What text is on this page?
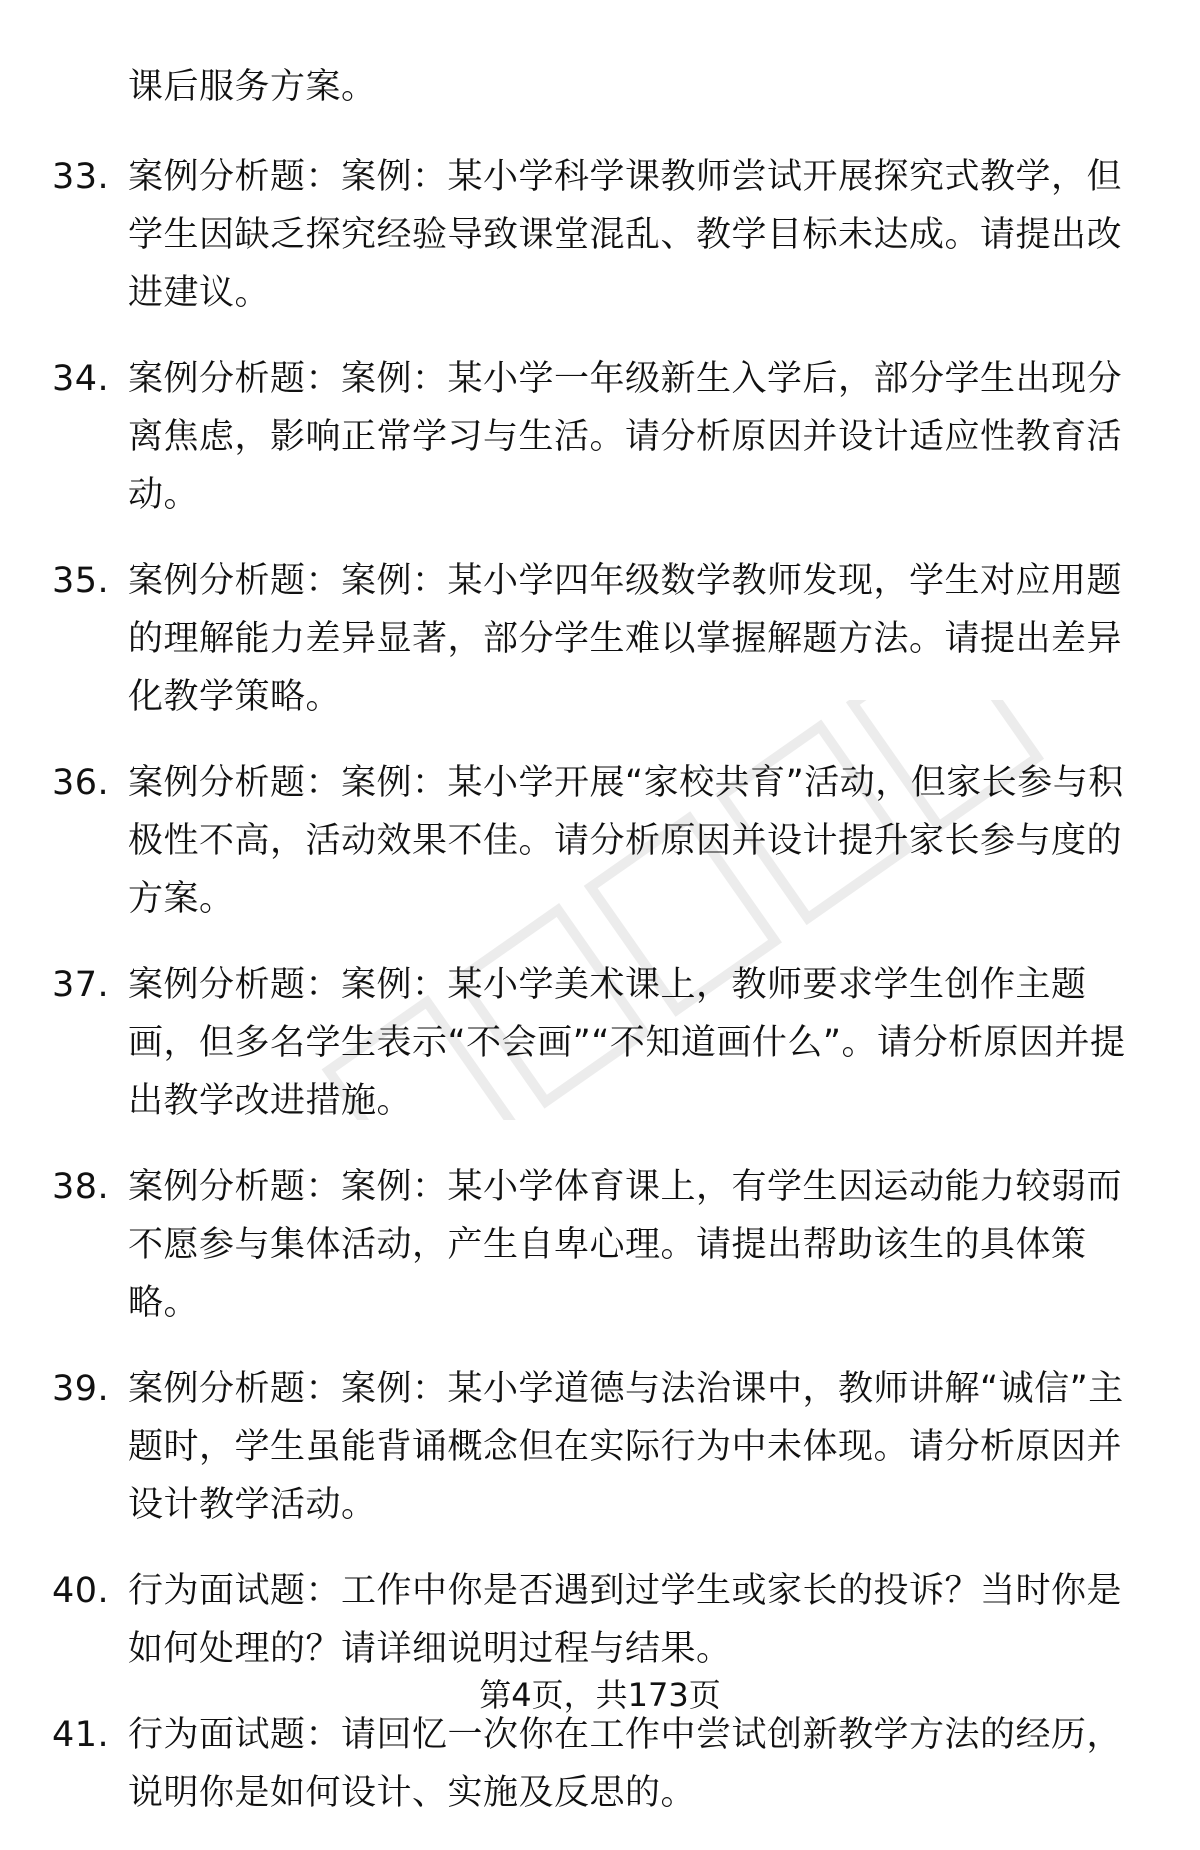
课后服务方案。
33. 案例分析题：案例：某小学科学课教师尝试开展探究式教学，但学生因缺乏探究经验导致课堂混乱、教学目标未达成。请提出改进建议。
34. 案例分析题：案例：某小学一年级新生入学后，部分学生出现分离焦虑，影响正常学习与生活。请分析原因并设计适应性教育活动。
35. 案例分析题：案例：某小学四年级数学教师发现，学生对应用题的理解能力差异显著，部分学生难以掌握解题方法。请提出差异化教学策略。
36. 案例分析题：案例：某小学开展“家校共育”活动，但家长参与积极性不高，活动效果不佳。请分析原因并设计提升家长参与度的方案。
37. 案例分析题：案例：某小学美术课上，教师要求学生创作主题画，但多名学生表示“不会画”“不知道画什么”。请分析原因并提出教学改进措施。
38. 案例分析题：案例：某小学体育课上，有学生因运动能力较弱而不愿参与集体活动，产生自卑心理。请提出帮助该生的具体策略。
39. 案例分析题：案例：某小学道德与法治课中，教师讲解“诚信”主题时，学生虽能背诵概念但在实际行为中未体现。请分析原因并设计教学活动。
40. 行为面试题：工作中你是否遇到过学生或家长的投诉？当时你是如何处理的？请详细说明过程与结果。
41. 行为面试题：请回忆一次你在工作中尝试创新教学方法的经历，说明你是如何设计、实施及反思的。
第4页，共173页
